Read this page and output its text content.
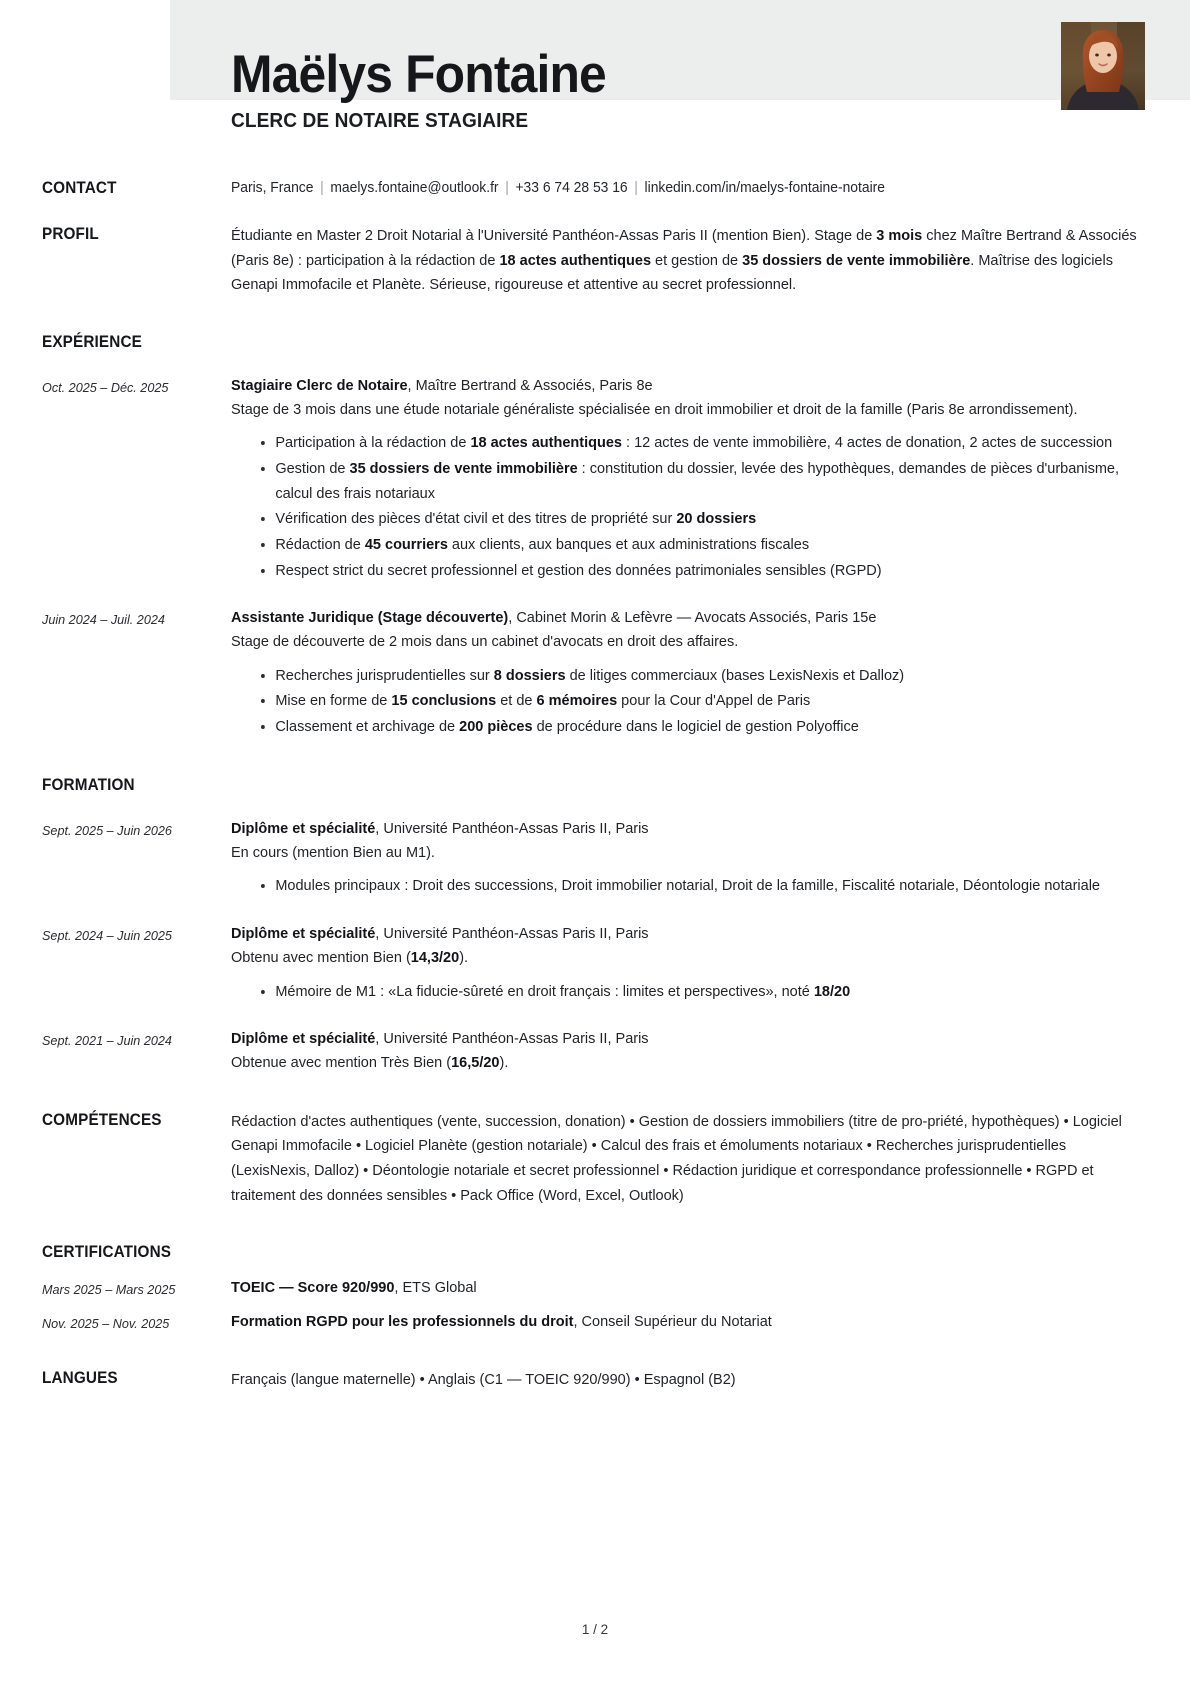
Maëlys Fontaine
CLERC DE NOTAIRE STAGIAIRE
CONTACT	Paris, France | maelys.fontaine@outlook.fr | +33 6 74 28 53 16 | linkedin.com/in/maelys-fontaine-notaire
PROFIL	Étudiante en Master 2 Droit Notarial à l'Université Panthéon-Assas Paris II (mention Bien). Stage de 3 mois chez Maître Bertrand & Associés (Paris 8e) : participation à la rédaction de 18 actes authentiques et gestion de 35 dossiers de vente immobilière. Maîtrise des logiciels Genapi Immofacile et Planète. Sérieuse, rigoureuse et attentive au secret professionnel.
EXPÉRIENCE
Oct. 2025 – Déc. 2025	Stagiaire Clerc de Notaire, Maître Bertrand & Associés, Paris 8e
Stage de 3 mois dans une étude notariale généraliste spécialisée en droit immobilier et droit de la famille (Paris 8e arrondissement).
Participation à la rédaction de 18 actes authentiques : 12 actes de vente immobilière, 4 actes de donation, 2 actes de succession
Gestion de 35 dossiers de vente immobilière : constitution du dossier, levée des hypothèques, demandes de pièces d'urbanisme, calcul des frais notariaux
Vérification des pièces d'état civil et des titres de propriété sur 20 dossiers
Rédaction de 45 courriers aux clients, aux banques et aux administrations fiscales
Respect strict du secret professionnel et gestion des données patrimoniales sensibles (RGPD)
Juin 2024 – Juil. 2024	Assistante Juridique (Stage découverte), Cabinet Morin & Lefèvre — Avocats Associés, Paris 15e
Stage de découverte de 2 mois dans un cabinet d'avocats en droit des affaires.
Recherches jurisprudentielles sur 8 dossiers de litiges commerciaux (bases LexisNexis et Dalloz)
Mise en forme de 15 conclusions et de 6 mémoires pour la Cour d'Appel de Paris
Classement et archivage de 200 pièces de procédure dans le logiciel de gestion Polyoffice
FORMATION
Sept. 2025 – Juin 2026	Diplôme et spécialité, Université Panthéon-Assas Paris II, Paris
En cours (mention Bien au M1).
Modules principaux : Droit des successions, Droit immobilier notarial, Droit de la famille, Fiscalité notariale, Déontologie notariale
Sept. 2024 – Juin 2025	Diplôme et spécialité, Université Panthéon-Assas Paris II, Paris
Obtenu avec mention Bien (14,3/20).
Mémoire de M1 : «La fiducie-sûreté en droit français : limites et perspectives», noté 18/20
Sept. 2021 – Juin 2024	Diplôme et spécialité, Université Panthéon-Assas Paris II, Paris
Obtenue avec mention Très Bien (16,5/20).
COMPÉTENCES	Rédaction d'actes authentiques (vente, succession, donation) • Gestion de dossiers immobiliers (titre de pro-priété, hypothèques) • Logiciel Genapi Immofacile • Logiciel Planète (gestion notariale) • Calcul des frais et émoluments notariaux • Recherches jurisprudentielles (LexisNexis, Dalloz) • Déontologie notariale et secret professionnel • Rédaction juridique et correspondance professionnelle • RGPD et traitement des données sensibles • Pack Office (Word, Excel, Outlook)
CERTIFICATIONS
Mars 2025 – Mars 2025	TOEIC — Score 920/990, ETS Global
Nov. 2025 – Nov. 2025	Formation RGPD pour les professionnels du droit, Conseil Supérieur du Notariat
LANGUES	Français (langue maternelle) • Anglais (C1 — TOEIC 920/990) • Espagnol (B2)
1 / 2
